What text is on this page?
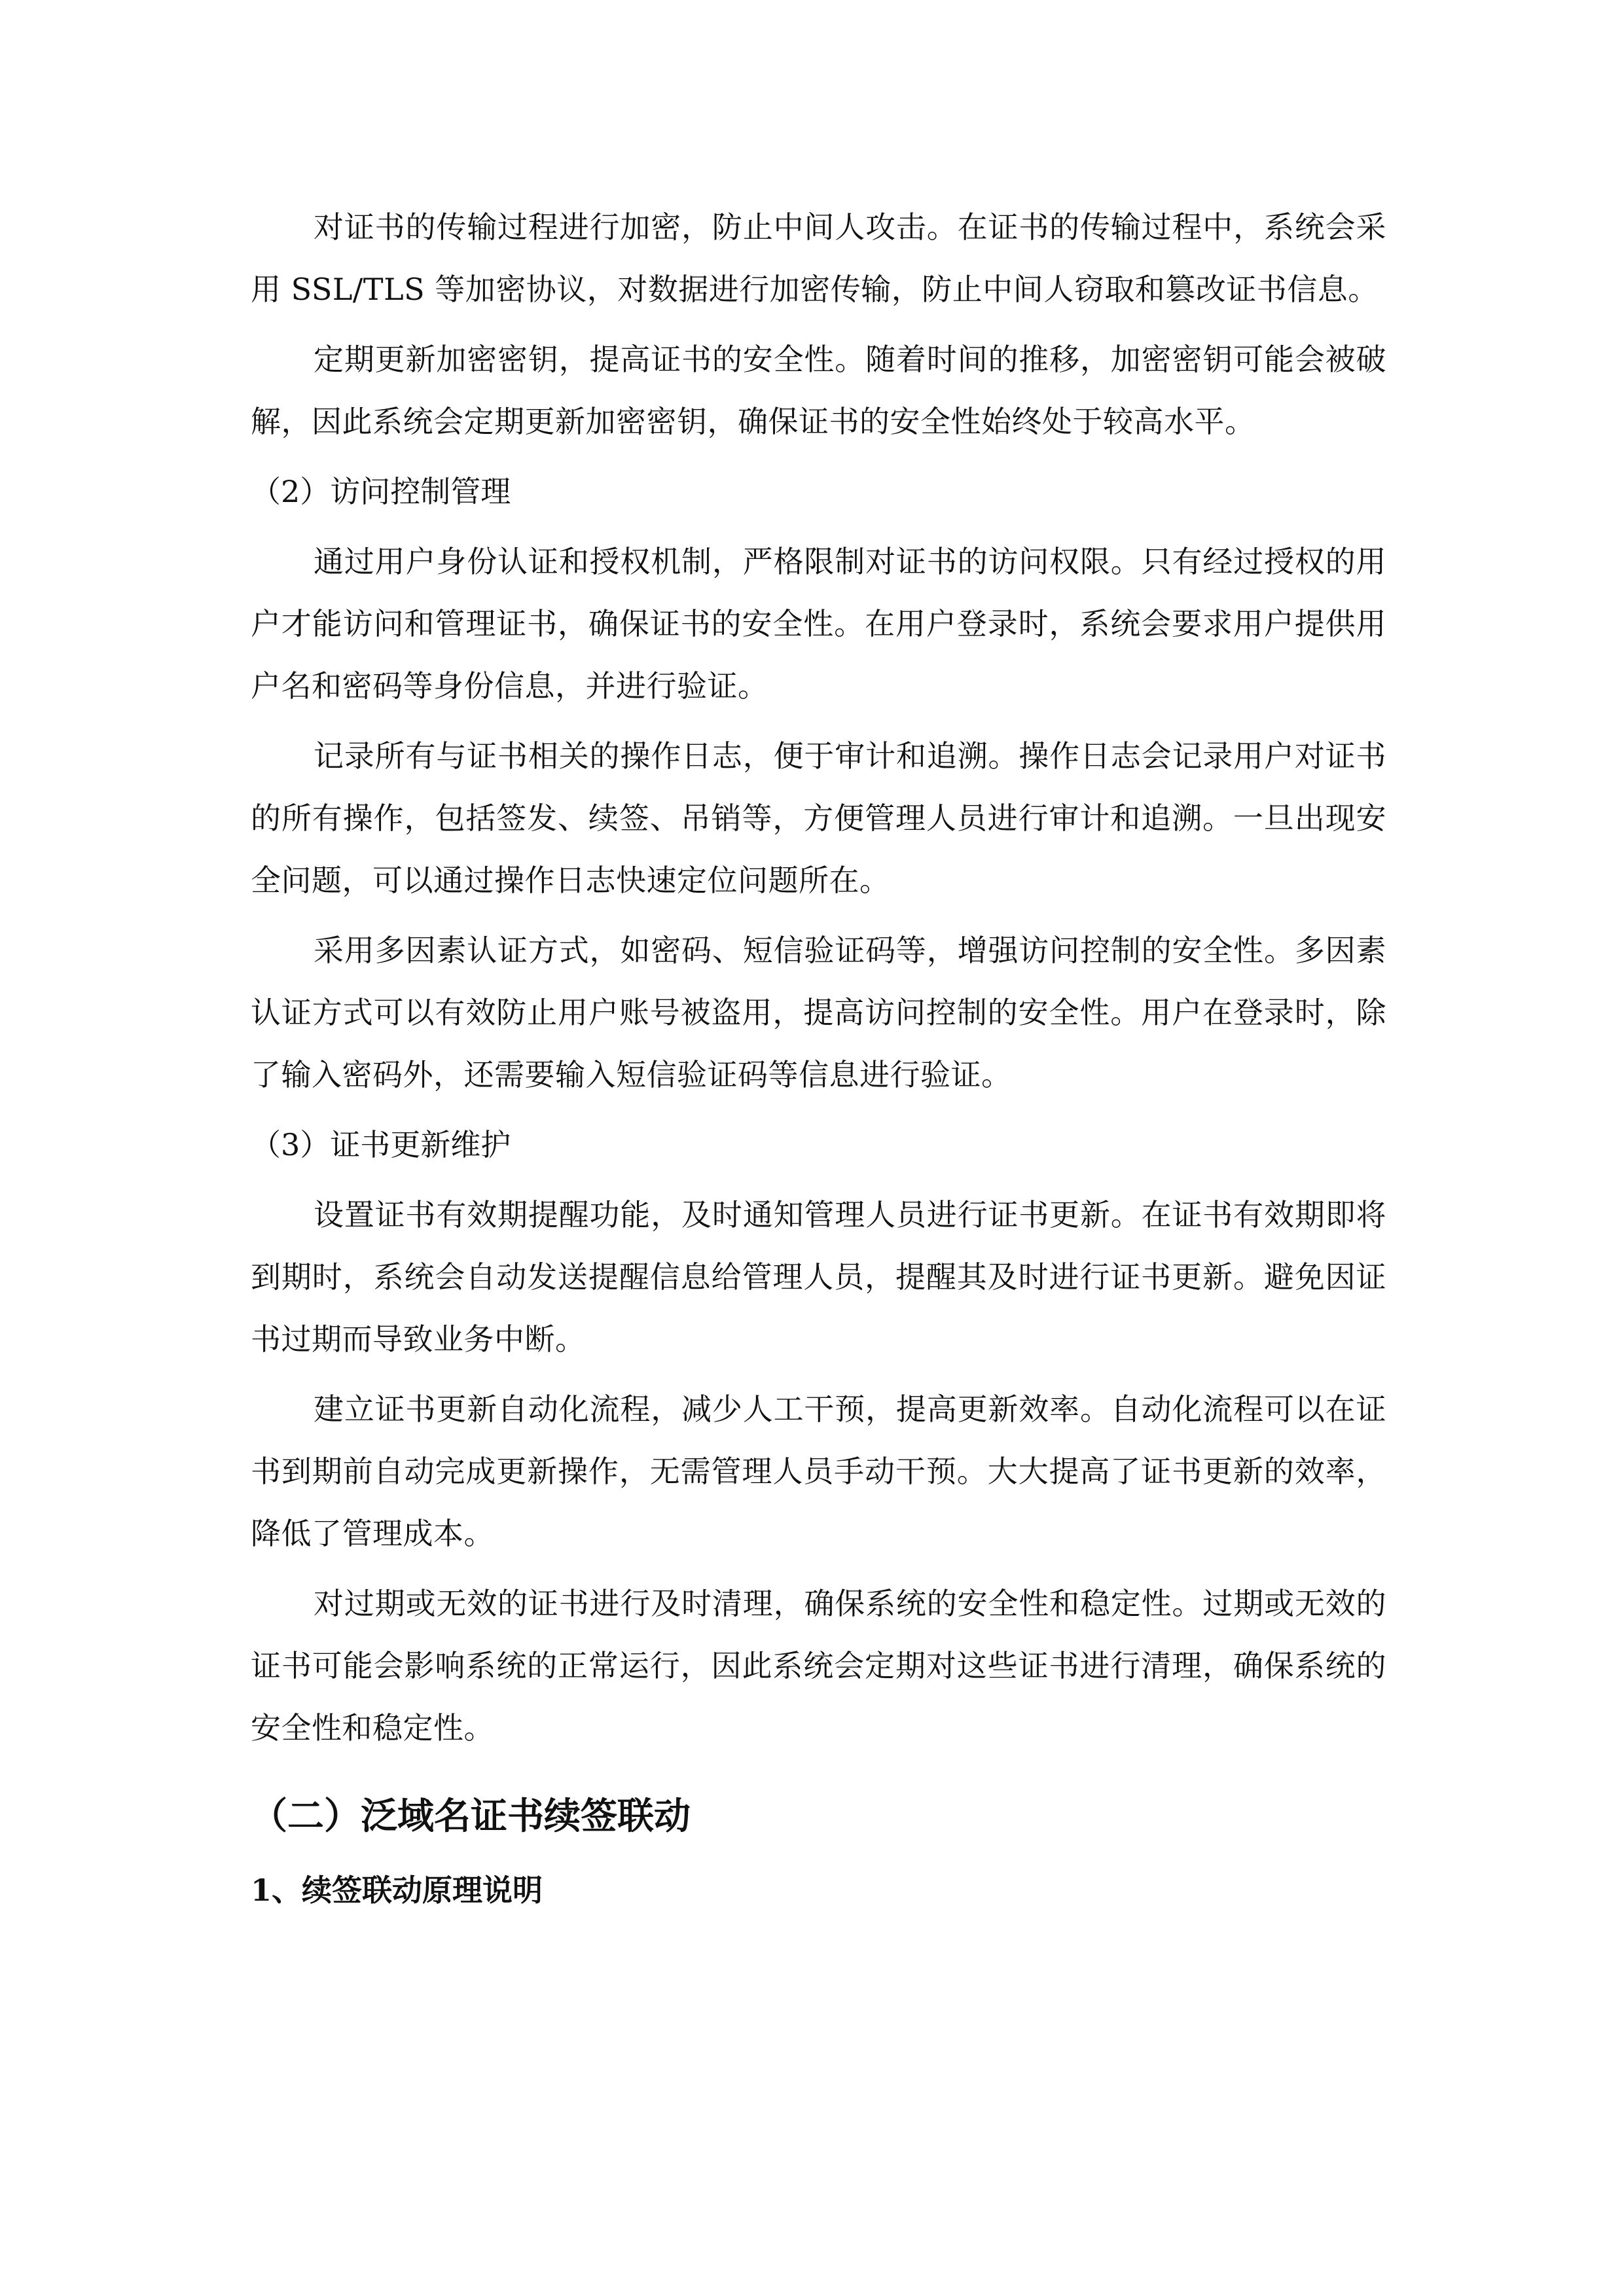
对证书的传输过程进行加密，防止中间人攻击。在证书的传输过程中，系统会采用 SSL/TLS 等加密协议，对数据进行加密传输，防止中间人窃取和篡改证书信息。

定期更新加密密钥，提高证书的安全性。随着时间的推移，加密密钥可能会被破解，因此系统会定期更新加密密钥，确保证书的安全性始终处于较高水平。

（2）访问控制管理

通过用户身份认证和授权机制，严格限制对证书的访问权限。只有经过授权的用户才能访问和管理证书，确保证书的安全性。在用户登录时，系统会要求用户提供用户名和密码等身份信息，并进行验证。

记录所有与证书相关的操作日志，便于审计和追溯。操作日志会记录用户对证书的所有操作，包括签发、续签、吊销等，方便管理人员进行审计和追溯。一旦出现安全问题，可以通过操作日志快速定位问题所在。

采用多因素认证方式，如密码、短信验证码等，增强访问控制的安全性。多因素认证方式可以有效防止用户账号被盗用，提高访问控制的安全性。用户在登录时，除了输入密码外，还需要输入短信验证码等信息进行验证。

（3）证书更新维护

设置证书有效期提醒功能，及时通知管理人员进行证书更新。在证书有效期即将到期时，系统会自动发送提醒信息给管理人员，提醒其及时进行证书更新。避免因证书过期而导致业务中断。

建立证书更新自动化流程，减少人工干预，提高更新效率。自动化流程可以在证书到期前自动完成更新操作，无需管理人员手动干预。大大提高了证书更新的效率，降低了管理成本。

对过期或无效的证书进行及时清理，确保系统的安全性和稳定性。过期或无效的证书可能会影响系统的正常运行，因此系统会定期对这些证书进行清理，确保系统的安全性和稳定性。

（二）泛域名证书续签联动
1、续签联动原理说明
